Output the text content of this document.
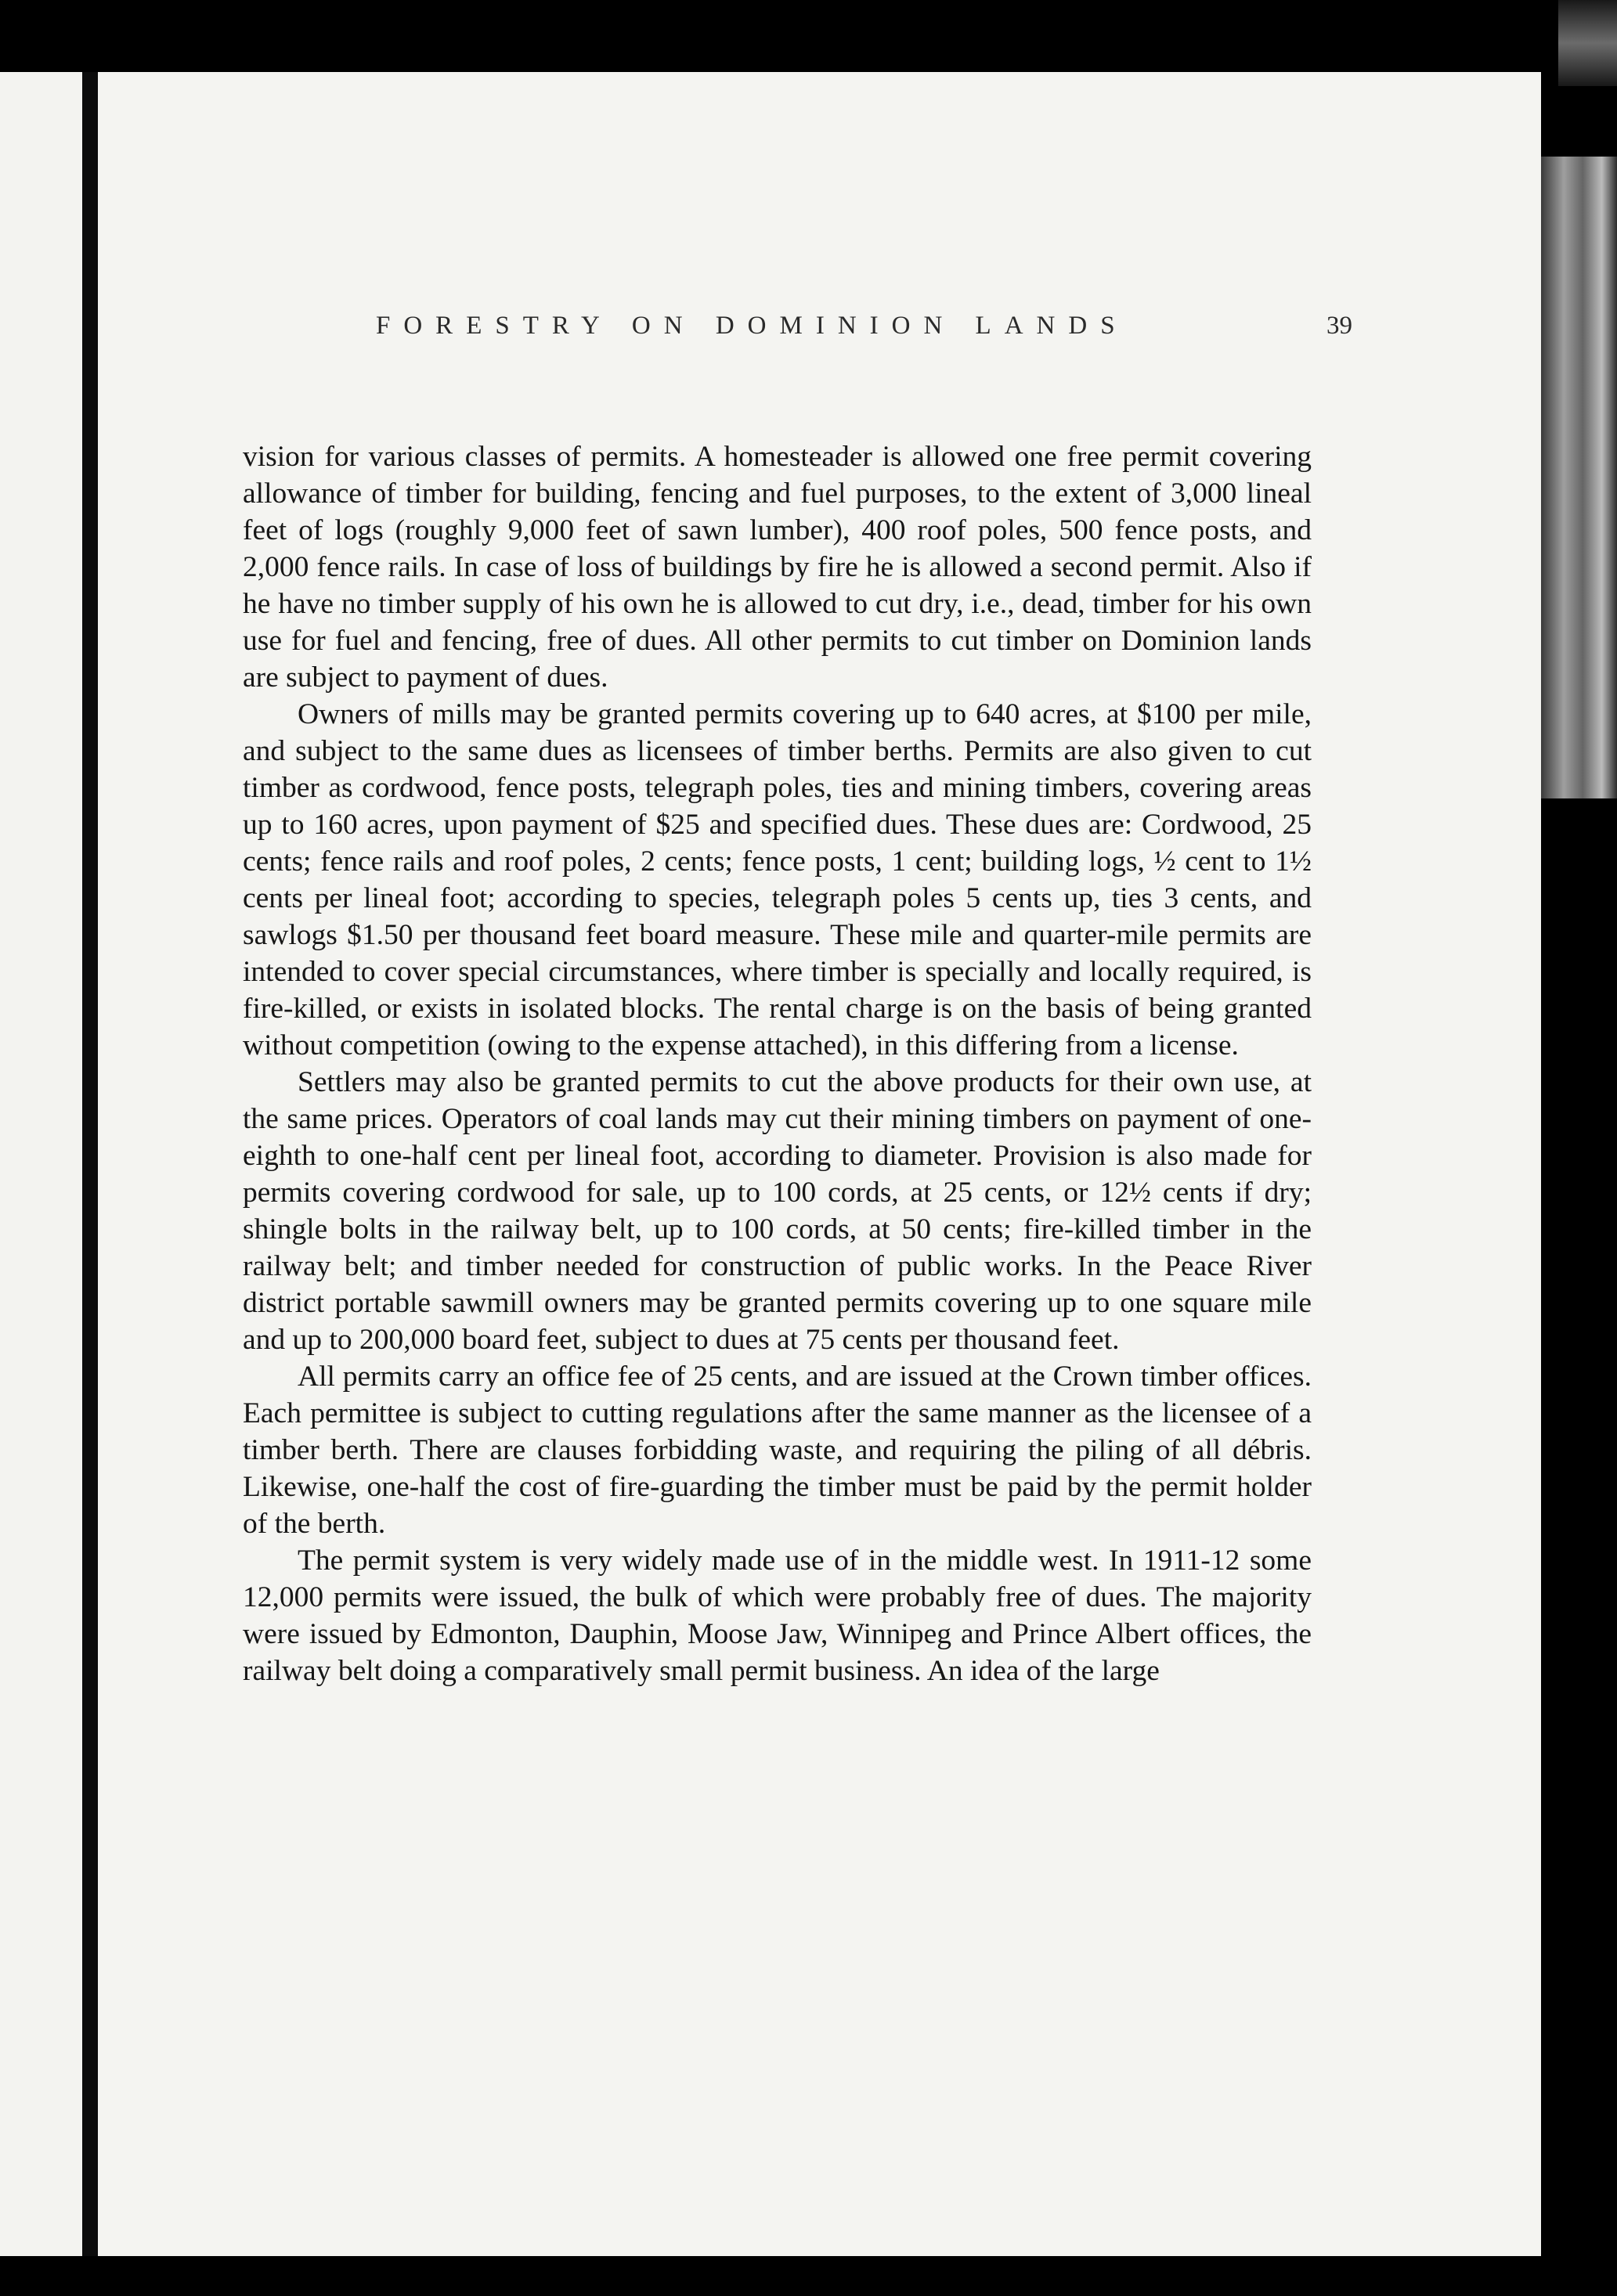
FORESTRY ON DOMINION LANDS	39

vision for various classes of permits. A homesteader is allowed one free permit covering allowance of timber for building, fencing and fuel purposes, to the extent of 3,000 lineal feet of logs (roughly 9,000 feet of sawn lumber), 400 roof poles, 500 fence posts, and 2,000 fence rails. In case of loss of buildings by fire he is allowed a second permit. Also if he have no timber supply of his own he is allowed to cut dry, i.e., dead, timber for his own use for fuel and fencing, free of dues. All other permits to cut timber on Dominion lands are subject to payment of dues.

Owners of mills may be granted permits covering up to 640 acres, at $100 per mile, and subject to the same dues as licensees of timber berths. Permits are also given to cut timber as cordwood, fence posts, telegraph poles, ties and mining timbers, covering areas up to 160 acres, upon payment of $25 and specified dues. These dues are: Cordwood, 25 cents; fence rails and roof poles, 2 cents; fence posts, 1 cent; building logs, ½ cent to 1½ cents per lineal foot; according to species, telegraph poles 5 cents up, ties 3 cents, and sawlogs $1.50 per thousand feet board measure. These mile and quarter-mile permits are intended to cover special circumstances, where timber is specially and locally required, is fire-killed, or exists in isolated blocks. The rental charge is on the basis of being granted without competition (owing to the expense attached), in this differing from a license.

Settlers may also be granted permits to cut the above products for their own use, at the same prices. Operators of coal lands may cut their mining timbers on payment of one-eighth to one-half cent per lineal foot, according to diameter. Provision is also made for permits covering cordwood for sale, up to 100 cords, at 25 cents, or 12½ cents if dry; shingle bolts in the railway belt, up to 100 cords, at 50 cents; fire-killed timber in the railway belt; and timber needed for construction of public works. In the Peace River district portable sawmill owners may be granted permits covering up to one square mile and up to 200,000 board feet, subject to dues at 75 cents per thousand feet.

All permits carry an office fee of 25 cents, and are issued at the Crown timber offices. Each permittee is subject to cutting regulations after the same manner as the licensee of a timber berth. There are clauses forbidding waste, and requiring the piling of all débris. Likewise, one-half the cost of fire-guarding the timber must be paid by the permit holder of the berth.

The permit system is very widely made use of in the middle west. In 1911-12 some 12,000 permits were issued, the bulk of which were probably free of dues. The majority were issued by Edmonton, Dauphin, Moose Jaw, Winnipeg and Prince Albert offices, the railway belt doing a comparatively small permit business. An idea of the large
